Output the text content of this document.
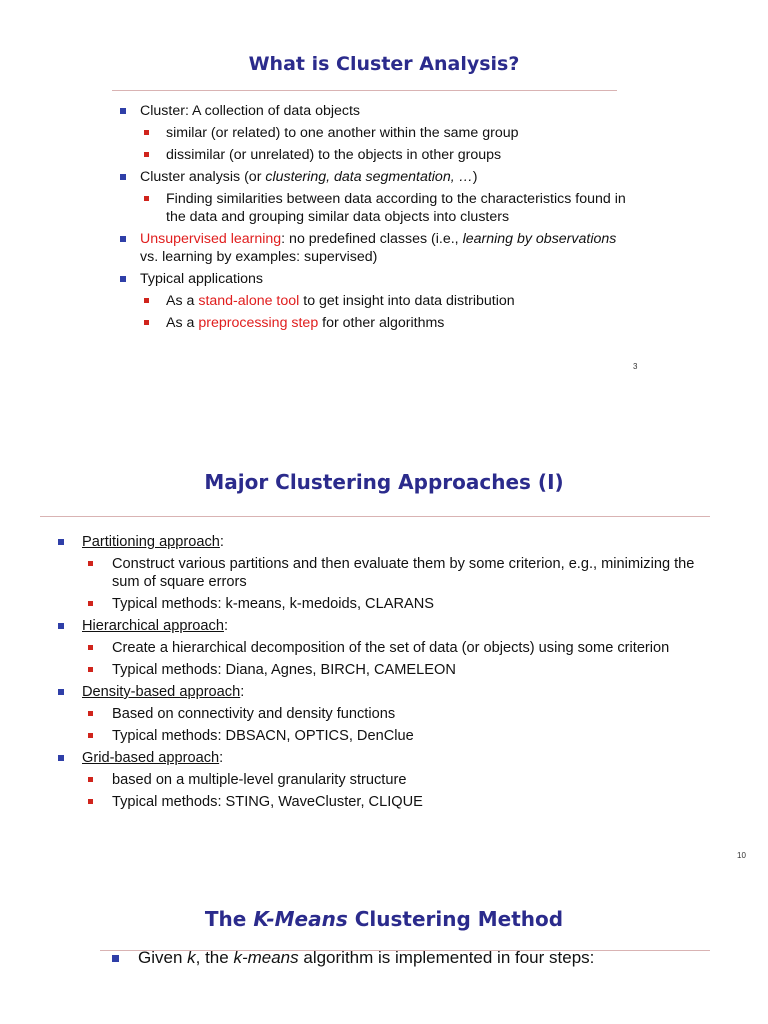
What is Cluster Analysis?
Cluster: A collection of data objects
similar (or related) to one another within the same group
dissimilar (or unrelated) to the objects in other groups
Cluster analysis (or clustering, data segmentation, …)
Finding similarities between data according to the characteristics found in the data and grouping similar data objects into clusters
Unsupervised learning: no predefined classes (i.e., learning by observations vs. learning by examples: supervised)
Typical applications
As a stand-alone tool to get insight into data distribution
As a preprocessing step for other algorithms
3
Major Clustering Approaches (I)
Partitioning approach:
Construct various partitions and then evaluate them by some criterion, e.g., minimizing the sum of square errors
Typical methods: k-means, k-medoids, CLARANS
Hierarchical approach:
Create a hierarchical decomposition of the set of data (or objects) using some criterion
Typical methods: Diana, Agnes, BIRCH, CAMELEON
Density-based approach:
Based on connectivity and density functions
Typical methods: DBSACN, OPTICS, DenClue
Grid-based approach:
based on a multiple-level granularity structure
Typical methods: STING, WaveCluster, CLIQUE
10
The K-Means Clustering Method
Given k, the k-means algorithm is implemented in four steps:
